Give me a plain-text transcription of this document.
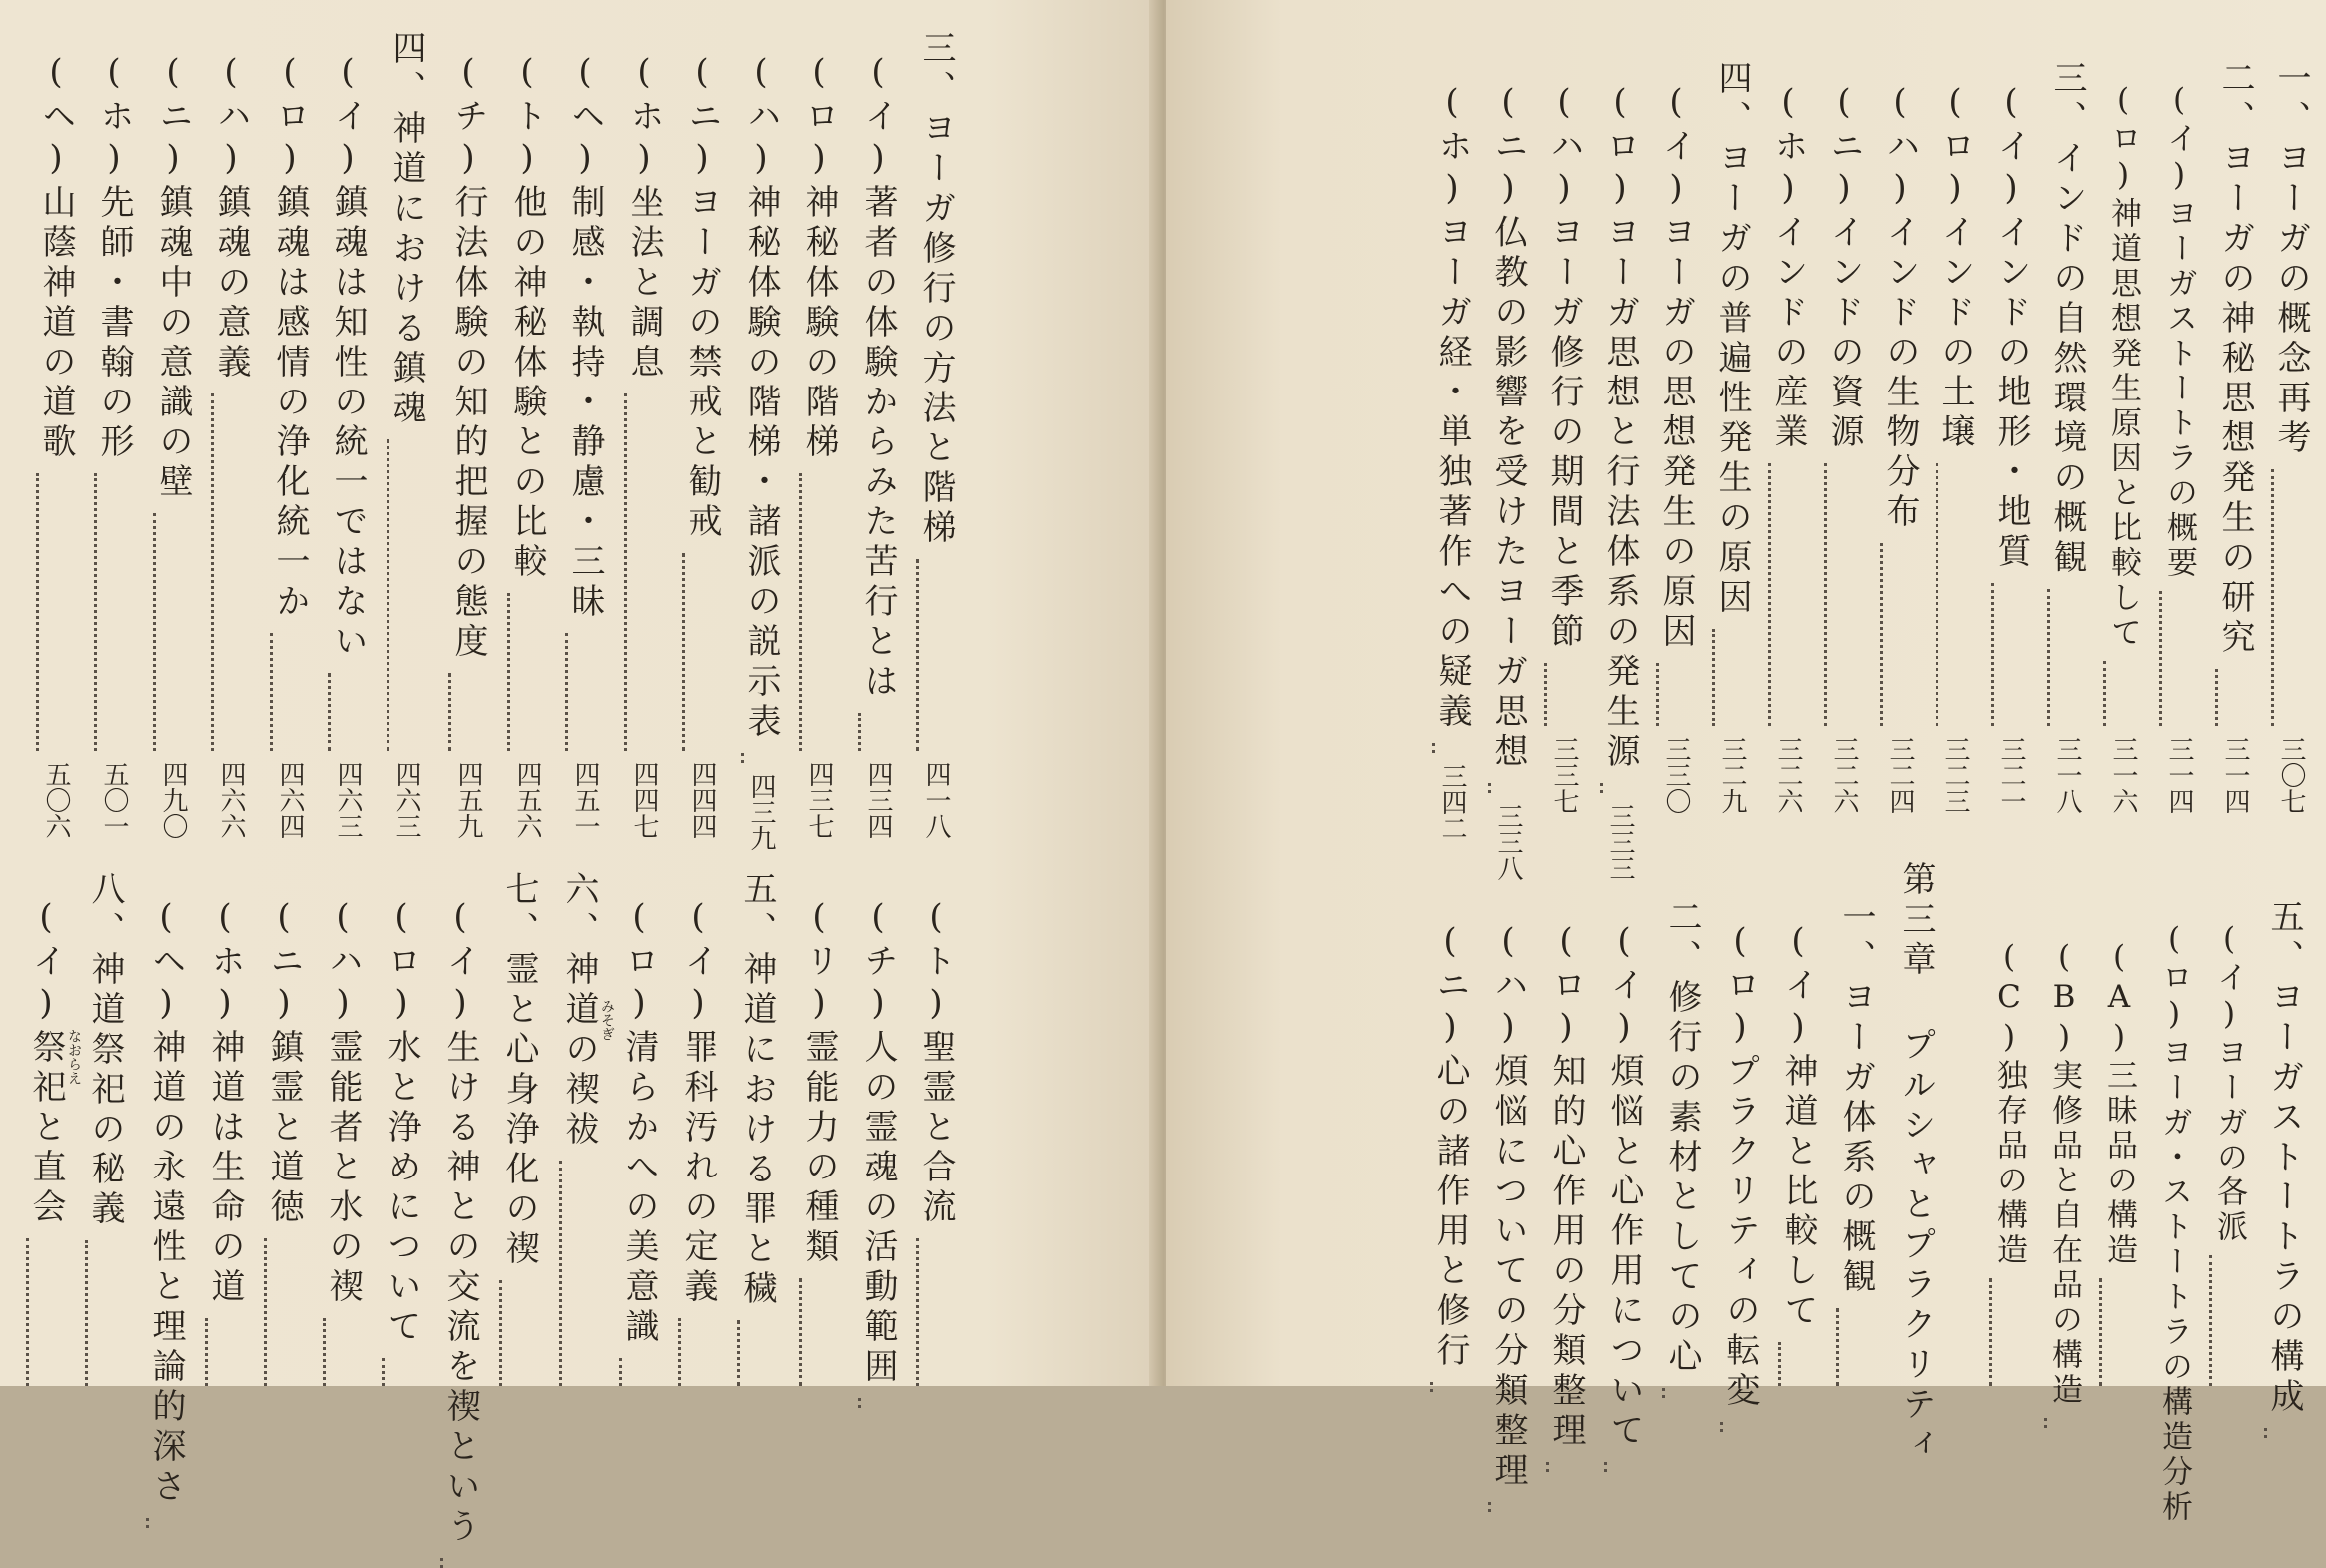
三、ヨーガ修行の方法と階梯
四一八
(イ)著者の体験からみた苦行とは
四三四
(ロ)神秘体験の階梯
四三七
(ハ)神秘体験の階梯・諸派の説示表
四三九
(ニ)ヨーガの禁戒と勧戒
四四四
(ホ)坐法と調息
四四七
(ヘ)制感・執持・静慮・三昧
四五一
(ト)他の神秘体験との比較
四五六
(チ)行法体験の知的把握の態度
四五九
四、神道における鎮魂
四六三
(イ)鎮魂は知性の統一ではない
四六三
(ロ)鎮魂は感情の浄化統一か
四六四
(ハ)鎮魂の意義
四六六
(ニ)鎮魂中の意識の壁
四九〇
(ホ)先師・書翰の形
五〇一
(ヘ)山蔭神道の道歌
五〇六
(ト)聖霊と合流
(チ)人の霊魂の活動範囲
(リ)霊能力の種類
五、神道における罪と穢
(イ)罪科汚れの定義
(ロ)清らかへの美意識
六、神道の禊祓 みそぎ
七、霊と心身浄化の禊
(イ)生ける神との交流を禊という
(ロ)水と浄めについて
(ハ)霊能者と水の禊
(ニ)鎮霊と道徳
(ホ)神道は生命の道
(ヘ)神道の永遠性と理論的深さ
八、神道祭祀の秘義
(イ)祭祀と直会 なおらえ
一、ヨーガの概念再考
三〇七
二、ヨーガの神秘思想発生の研究
三一四
(イ)ヨーガストートラの概要
三一四
(ロ)神道思想発生原因と比較して
三一六
三、インドの自然環境の概観
三一八
(イ)インドの地形・地質
三二一
(ロ)インドの土壌
三二三
(ハ)インドの生物分布
三二四
(ニ)インドの資源
三二六
(ホ)インドの産業
三二六
四、ヨーガの普遍性発生の原因
三二九
(イ)ヨーガの思想発生の原因
三三〇
(ロ)ヨーガ思想と行法体系の発生源
三三三
(ハ)ヨーガ修行の期間と季節
三三七
(ニ)仏教の影響を受けたヨーガ思想
三三八
(ホ)ヨーガ経・単独著作への疑義
三四二
五、ヨーガストートラの構成
(イ)ヨーガの各派
(ロ)ヨーガ・ストートラの構造分析
(A)三昧品の構造
(B)実修品と自在品の構造
(C)独存品の構造
第三章 プルシャとプラクリティ
一、ヨーガ体系の概観
(イ)神道と比較して
(ロ)プラクリティの転変
二、修行の素材としての心
(イ)煩悩と心作用について
(ロ)知的心作用の分類整理
(ハ)煩悩についての分類整理
(ニ)心の諸作用と修行
